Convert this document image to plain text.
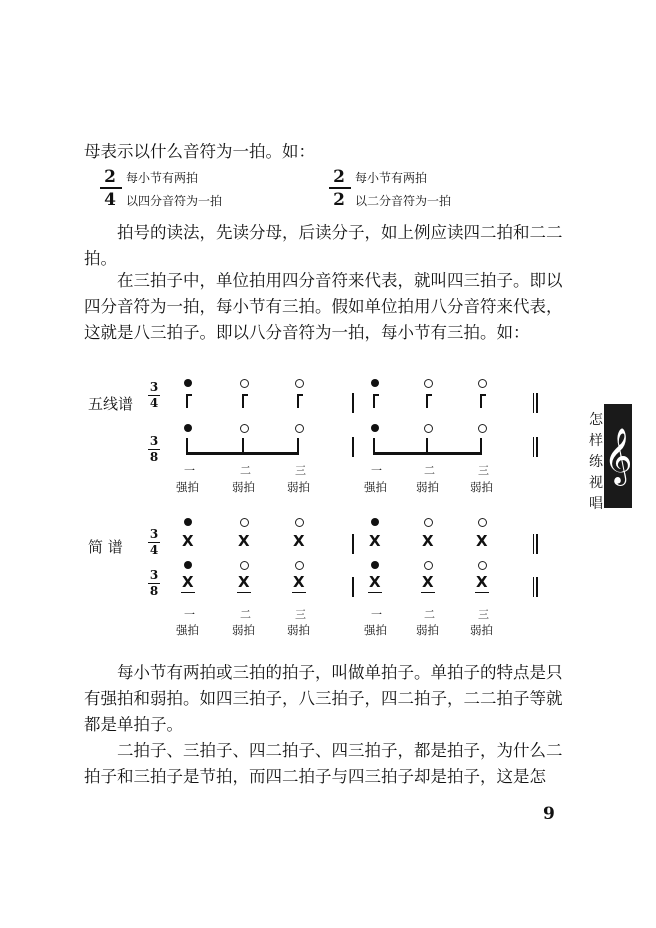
母表示以什么音符为一拍。如：
2 每小节有两拍
4 以四分音符为一拍
2 每小节有两拍
2 以二分音符为一拍
拍号的读法，先读分母，后读分子，如上例应读四二拍和二二拍。
在三拍子中，单位拍用四分音符来代表，就叫四三拍子。即以四分音符为一拍，每小节有三拍。假如单位拍用八分音符来代表，这就是八三拍子。即以八分音符为一拍，每小节有三拍。如：
五线谱
3
4
3
8
一	二	三	一	二	三
强拍	弱拍	弱拍	强拍	弱拍	弱拍
简 谱
3
4 X	X	X	X	X	X
3
8 X	X	X	X	X	X
一	二	三	一	二	三
强拍	弱拍	弱拍	强拍	弱拍	弱拍
每小节有两拍或三拍的拍子，叫做单拍子。单拍子的特点是只有强拍和弱拍。如四三拍子，八三拍子，四二拍子，二二拍子等就都是单拍子。
二拍子、三拍子、四二拍子、四三拍子，都是拍子，为什么二拍子和三拍子是节拍，而四二拍子与四三拍子却是拍子，这是怎
怎
样
练
视
唱
𝄞
9
